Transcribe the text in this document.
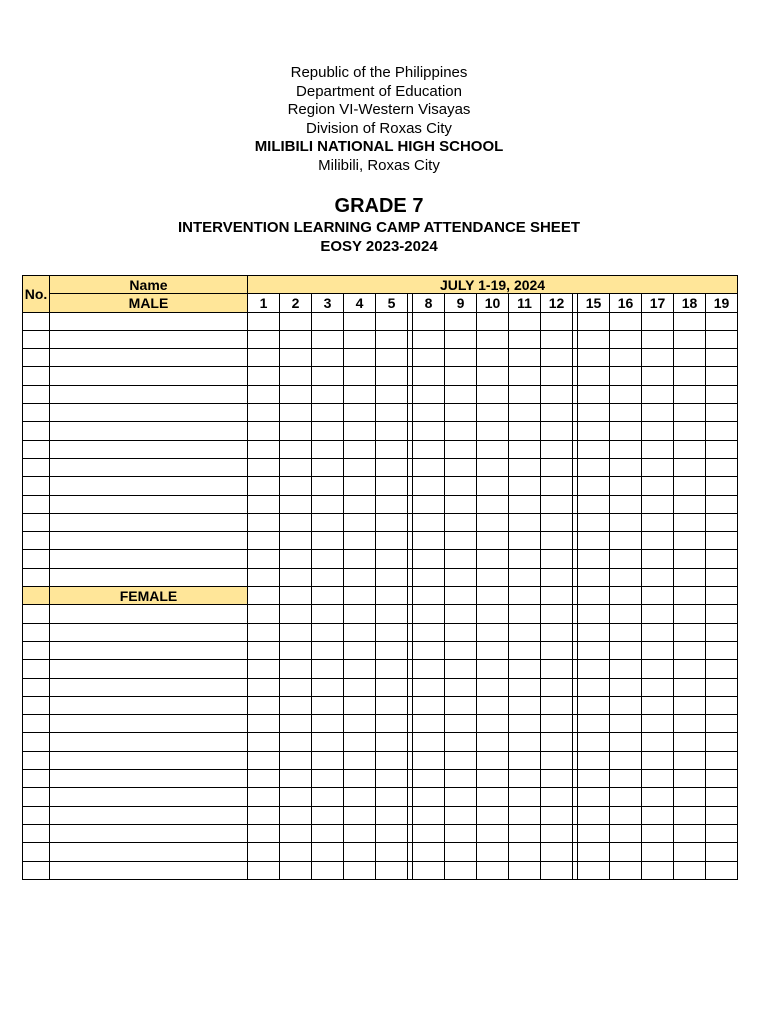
Republic of the Philippines
Department of Education
Region VI-Western Visayas
Division of Roxas City
MILIBILI NATIONAL HIGH SCHOOL
Milibili, Roxas City
GRADE 7
INTERVENTION LEARNING CAMP ATTENDANCE SHEET
EOSY 2023-2024
No.	Name	JULY 1-19, 2024																
	MALE	1	2	3	4	5		8	9	10	11	12		15	16	17	18	19

	FEMALE																	
